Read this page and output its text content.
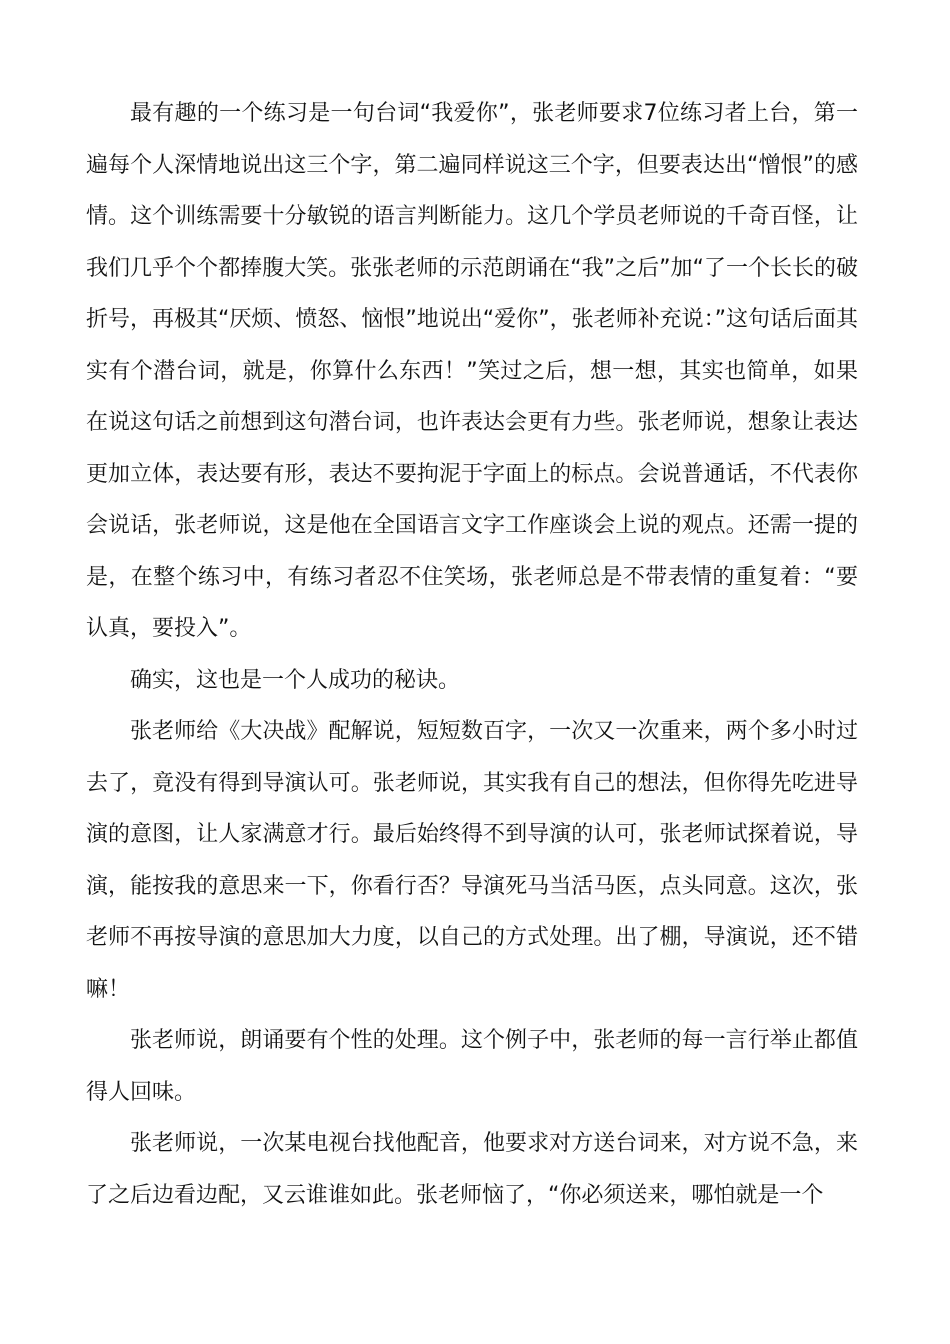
最有趣的一个练习是一句台词“我爱你”，张老师要求7位练习者上台，第一遍每个人深情地说出这三个字，第二遍同样说这三个字，但要表达出“憎恨”的感情。这个训练需要十分敏锐的语言判断能力。这几个学员老师说的千奇百怪，让我们几乎个个都捧腹大笑。张张老师的示范朗诵在“我”之后”加“了一个长长的破折号，再极其“厌烦、愤怒、恼恨”地说出“爱你”，张老师补充说：”这句话后面其实有个潜台词，就是，你算什么东西！”笑过之后，想一想，其实也简单，如果在说这句话之前想到这句潜台词，也许表达会更有力些。张老师说，想象让表达更加立体，表达要有形，表达不要拘泥于字面上的标点。会说普通话，不代表你会说话，张老师说，这是他在全国语言文字工作座谈会上说的观点。还需一提的是，在整个练习中，有练习者忍不住笑场，张老师总是不带表情的重复着：“要认真，要投入”。

确实，这也是一个人成功的秘诀。

张老师给《大决战》配解说，短短数百字，一次又一次重来，两个多小时过去了，竟没有得到导演认可。张老师说，其实我有自己的想法，但你得先吃进导演的意图，让人家满意才行。最后始终得不到导演的认可，张老师试探着说，导演，能按我的意思来一下，你看行否？导演死马当活马医，点头同意。这次，张老师不再按导演的意思加大力度，以自己的方式处理。出了棚，导演说，还不错嘛！

张老师说，朗诵要有个性的处理。这个例子中，张老师的每一言行举止都值得人回味。

张老师说，一次某电视台找他配音，他要求对方送台词来，对方说不急，来了之后边看边配，又云谁谁如此。张老师恼了，“你必须送来，哪怕就是一个
